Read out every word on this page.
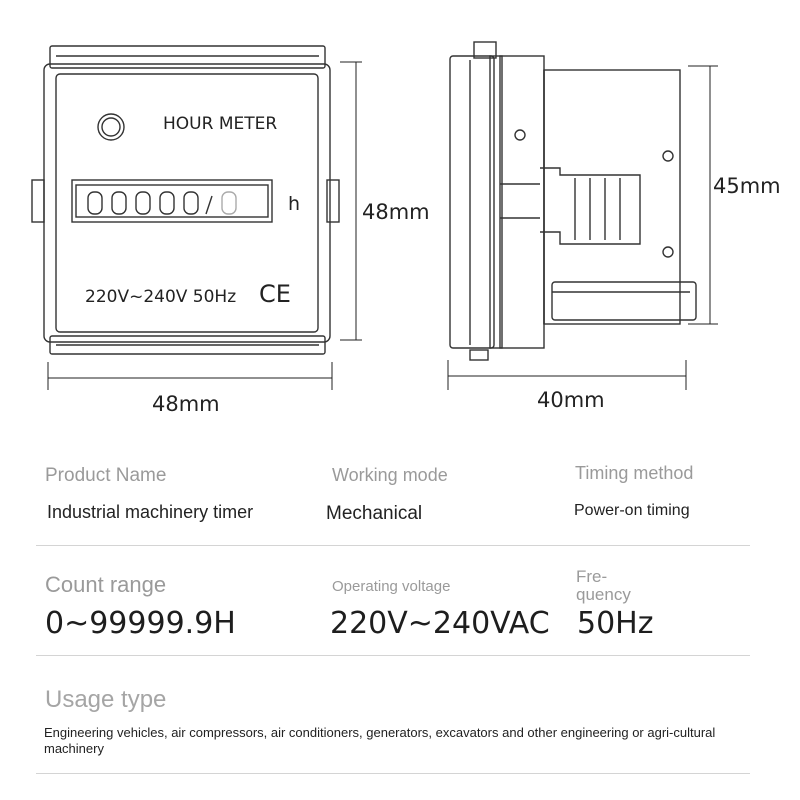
HOUR METER
h
220V~240V 50Hz CE
48mm
48mm
40mm
45mm
Product Name
Industrial machinery timer
Working mode
Mechanical
Timing method
Power-on timing
Count range
0~99999.9H
Operating voltage
220V~240VAC
Fre-
quency
50Hz
Usage type
Engineering vehicles, air compressors, air conditioners, generators, excavators and other engineering or agri-cultural machinery
